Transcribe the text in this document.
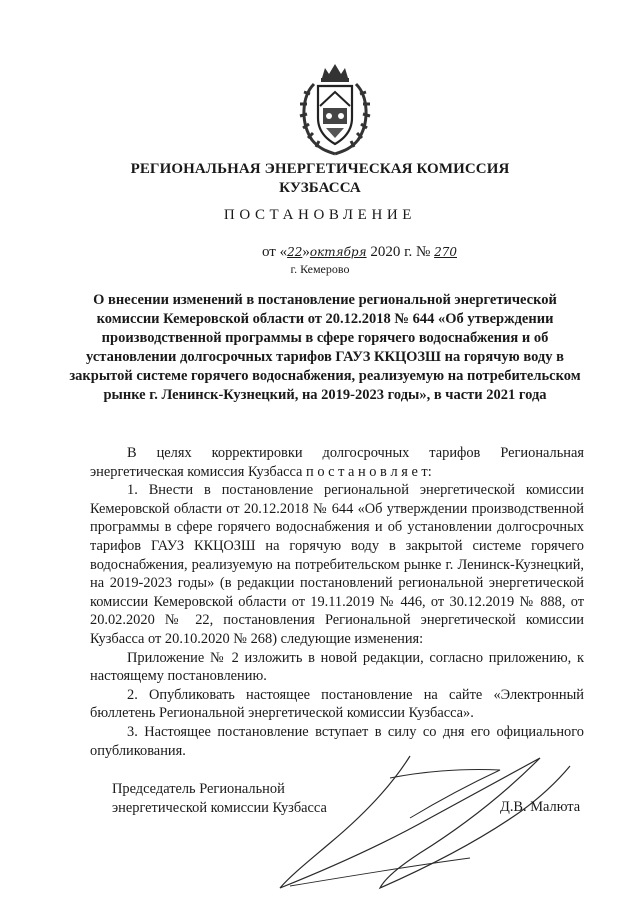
РЕГИОНАЛЬНАЯ ЭНЕРГЕТИЧЕСКАЯ КОМИССИЯ
КУЗБАССА
ПОСТАНОВЛЕНИЕ
от «22»октября 2020 г. № 270
г. Кемерово
О внесении изменений в постановление региональной энергетической комиссии Кемеровской области от 20.12.2018 № 644 «Об утверждении производственной программы в сфере горячего водоснабжения и об установлении долгосрочных тарифов ГАУЗ ККЦОЗШ на горячую воду в закрытой системе горячего водоснабжения, реализуемую на потребительском рынке г. Ленинск-Кузнецкий, на 2019-2023 годы», в части 2021 года

В целях корректировки долгосрочных тарифов Региональная энергетическая комиссия Кузбасса п о с т а н о в л я е т:

1. Внести в постановление региональной энергетической комиссии Кемеровской области от 20.12.2018 № 644 «Об утверждении производственной программы в сфере горячего водоснабжения и об установлении долгосрочных тарифов ГАУЗ ККЦОЗШ на горячую воду в закрытой системе горячего водоснабжения, реализуемую на потребительском рынке г. Ленинск-Кузнецкий, на 2019-2023 годы» (в редакции постановлений региональной энергетической комиссии Кемеровской области от 19.11.2019 № 446, от 30.12.2019 № 888, от 20.02.2020 № 22, постановления Региональной энергетической комиссии Кузбасса от 20.10.2020 № 268) следующие изменения:

Приложение № 2 изложить в новой редакции, согласно приложению, к настоящему постановлению.

2. Опубликовать настоящее постановление на сайте «Электронный бюллетень Региональной энергетической комиссии Кузбасса».

3. Настоящее постановление вступает в силу со дня его официального опубликования.

Председатель Региональной
энергетической комиссии Кузбасса	Д.В. Малюта
